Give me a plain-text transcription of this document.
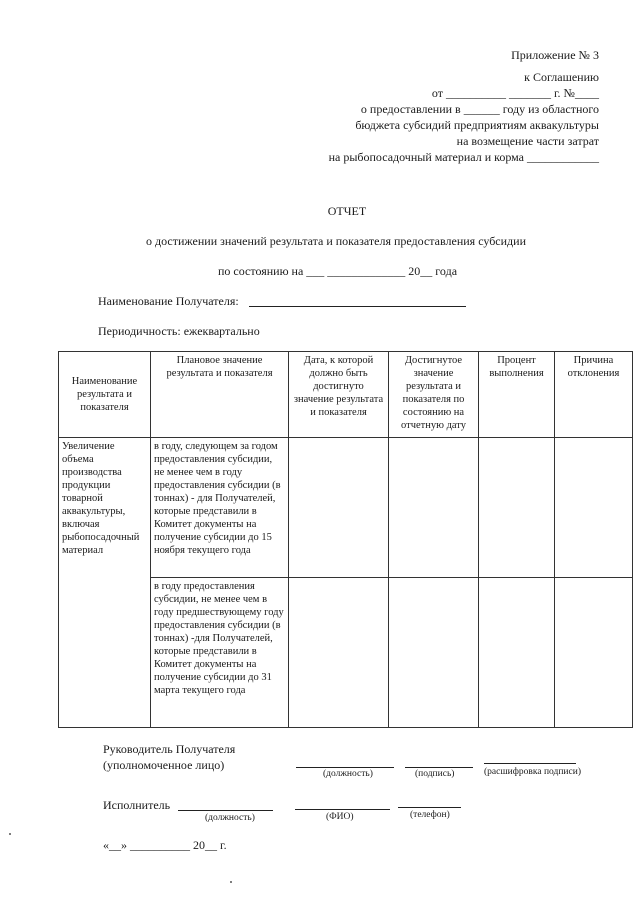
Приложение № 3
к Соглашению
от __________ _______ г. №____
о предоставлении в ______ году из областного
бюджета субсидий предприятиям аквакультуры
на возмещение части затрат
на рыбопосадочный материал и корма ____________
ОТЧЕТ
о достижении значений результата и показателя предоставления субсидии
по состоянию на ___ _____________ 20__ года
Наименование Получателя:
Периодичность: ежеквартально
Наименование результата и показателя	Плановое значение результата и показателя	Дата, к которой должно быть достигнуто значение результата и показателя	Достигнутое значение результата и показателя по состоянию на отчетную дату	Процент выполнения	Причина отклонения
Увеличение объема производства продукции товарной аквакультуры, включая рыбопосадочный материал	в году, следующем за годом предоставления субсидии, не менее чем в году предоставления субсидии (в тоннах) - для Получателей, которые представили в Комитет документы на получение субсидии до 15 ноября текущего года				
	в году предоставления субсидии, не менее чем в году предшествующему году предоставления субсидии (в тоннах) -для Получателей, которые представили в Комитет документы на получение субсидии до 31 марта текущего года				
Руководитель Получателя
(уполномоченное лицо)
(должность)	(подпись)	(расшифровка подписи)
Исполнитель
(должность)	(ФИО)	(телефон)
«__» __________ 20__ г.
